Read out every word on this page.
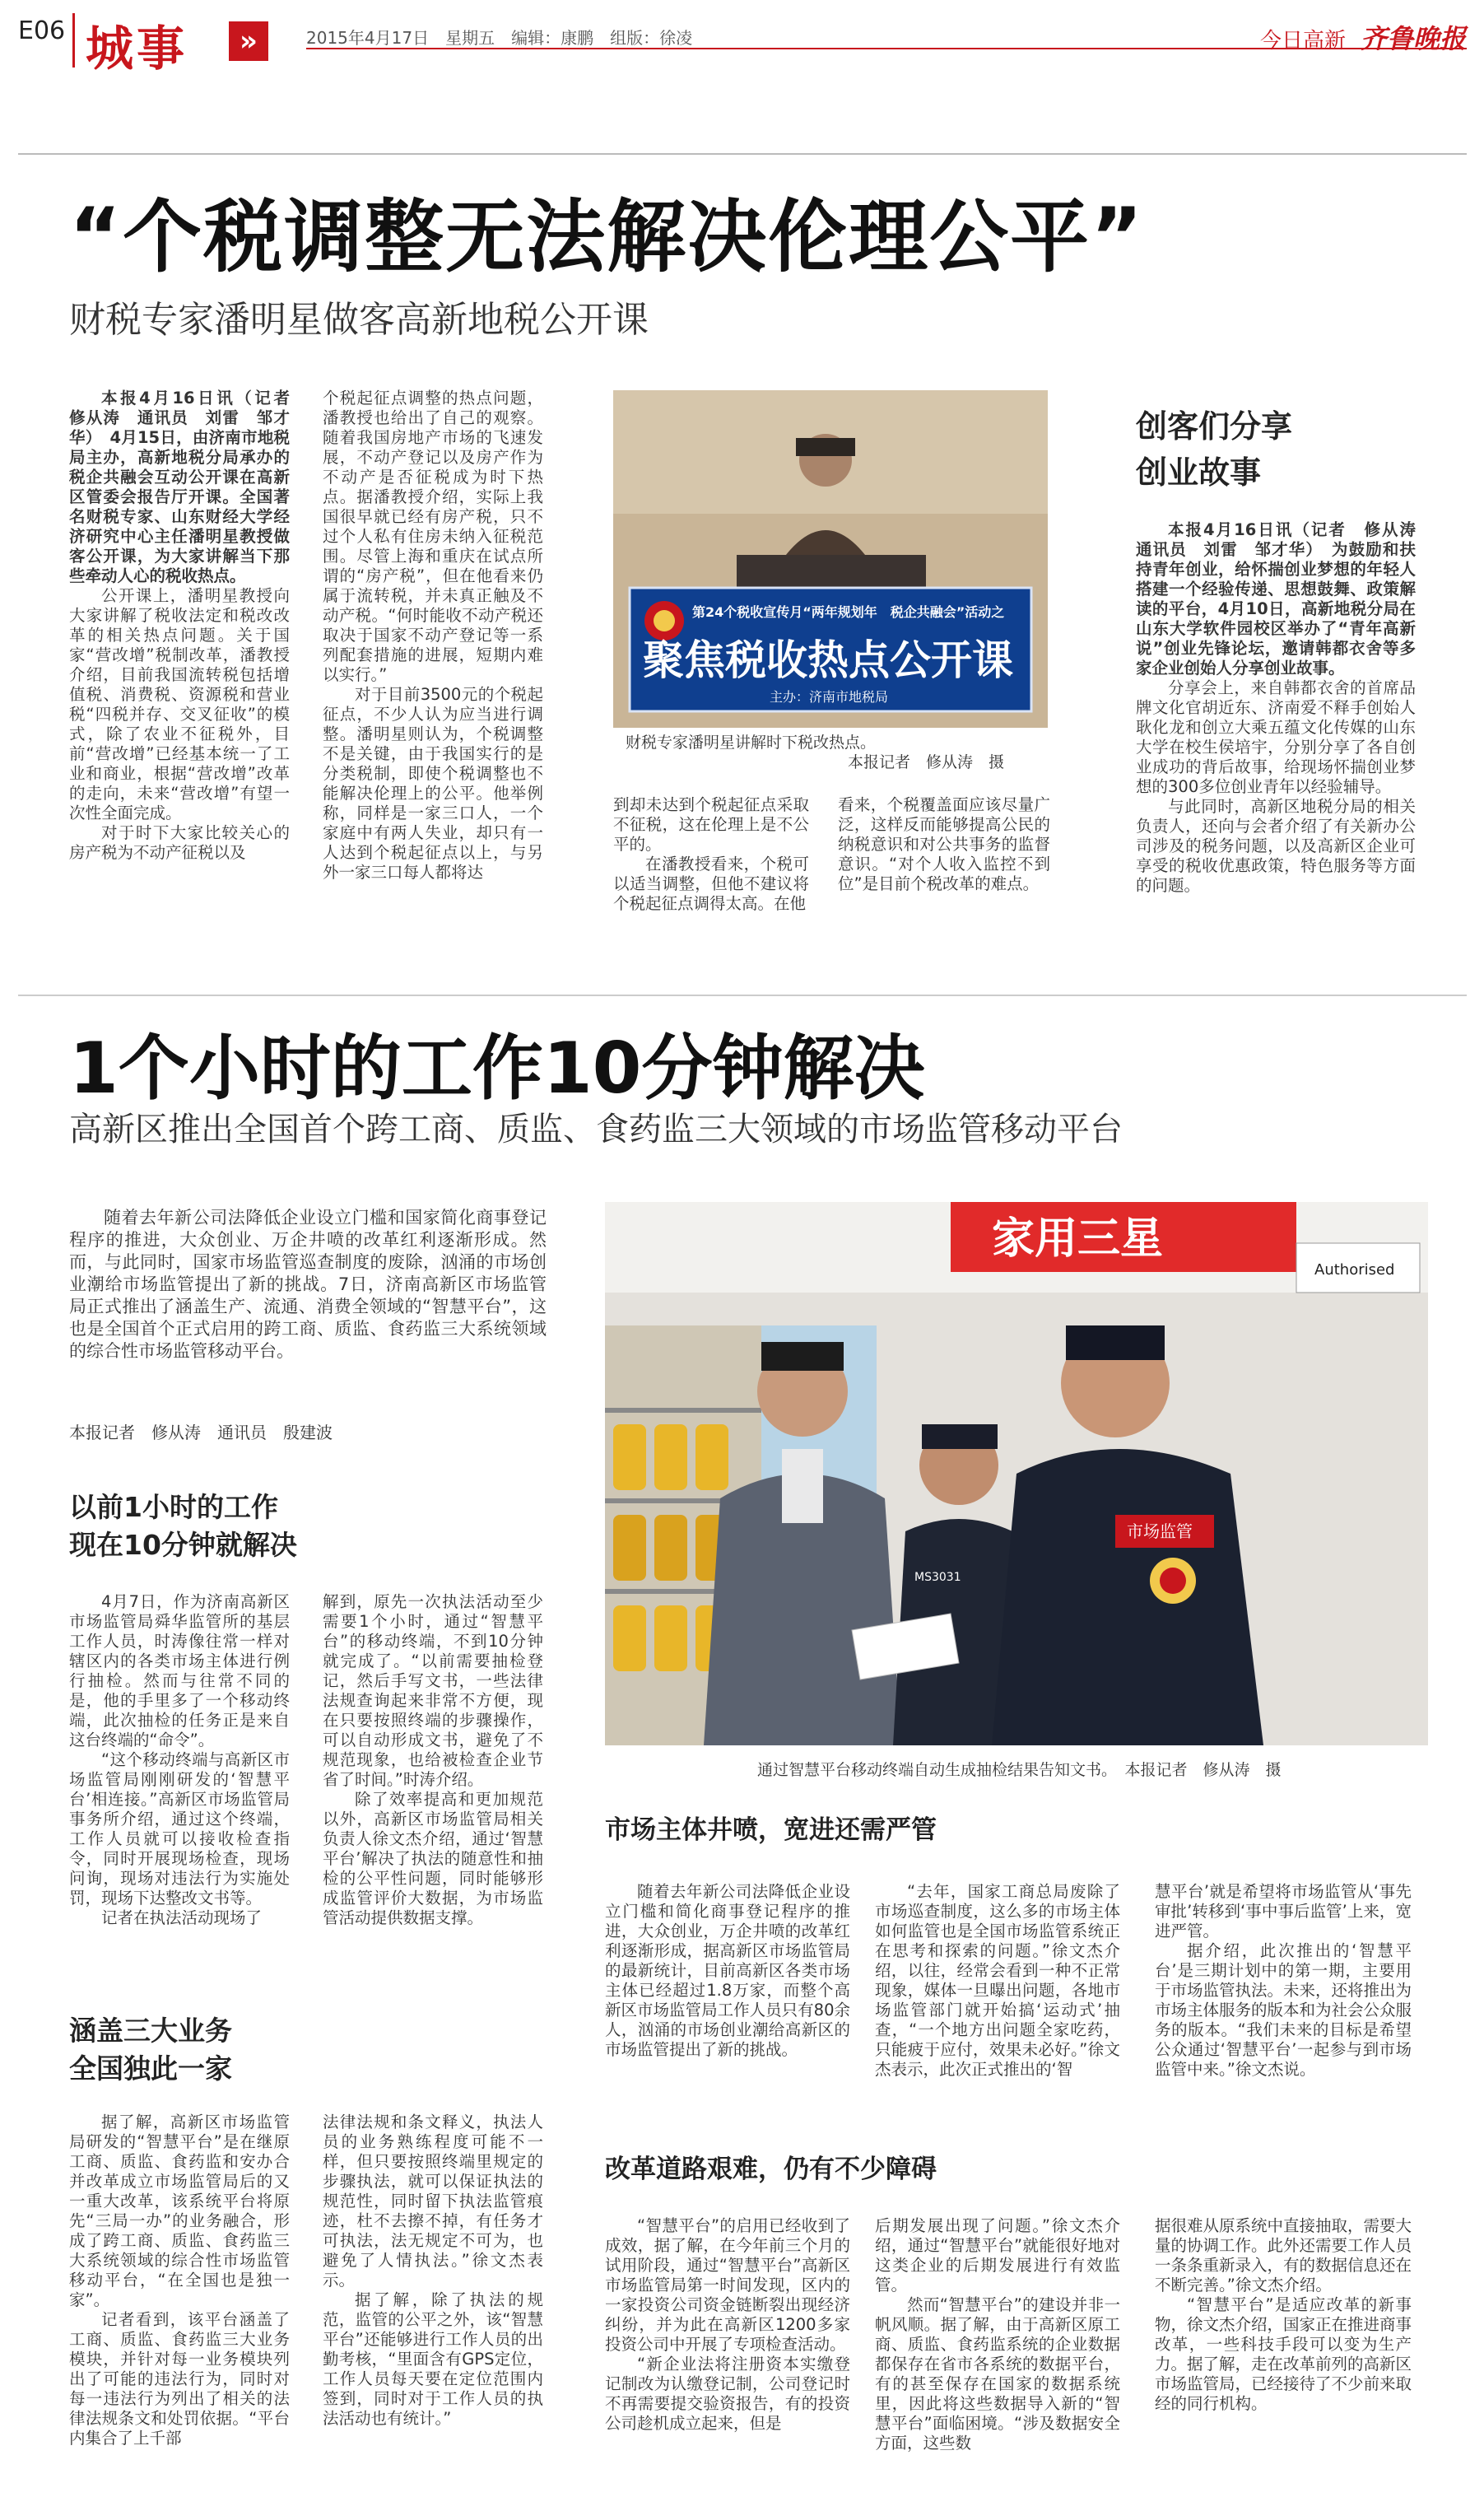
E06 城事	»	2015年4月17日　星期五　编辑：康鹏　组版：徐凌	今日高新 齐鲁晚报
“个税调整无法解决伦理公平”
财税专家潘明星做客高新地税公开课

本报4月16日讯（记者　修从涛　通讯员　刘雷　邹才华）　4月15日，由济南市地税局主办，高新地税分局承办的税企共融会互动公开课在高新区管委会报告厅开课。全国著名财税专家、山东财经大学经济研究中心主任潘明星教授做客公开课，为大家讲解当下那些牵动人心的税收热点。

公开课上，潘明星教授向大家讲解了税收法定和税改改革的相关热点问题。关于国家“营改增”税制改革，潘教授介绍，目前我国流转税包括增值税、消费税、资源税和营业税“四税并存、交叉征收”的模式，除了农业不征税外，目前“营改增”已经基本统一了工业和商业，根据“营改增”改革的走向，未来“营改增”有望一次性全面完成。

对于时下大家比较关心的房产税为不动产征税以及

个税起征点调整的热点问题，潘教授也给出了自己的观察。随着我国房地产市场的飞速发展，不动产登记以及房产作为不动产是否征税成为时下热点。据潘教授介绍，实际上我国很早就已经有房产税，只不过个人私有住房未纳入征税范围。尽管上海和重庆在试点所谓的“房产税”，但在他看来仍属于流转税，并未真正触及不动产税。“何时能收不动产税还取决于国家不动产登记等一系列配套措施的进展，短期内难以实行。”

对于目前3500元的个税起征点，不少人认为应当进行调整。潘明星则认为，个税调整不是关键，由于我国实行的是分类税制，即使个税调整也不能解决伦理上的公平。他举例称，同样是一家三口人，一个家庭中有两人失业，却只有一人达到个税起征点以上，与另外一家三口每人都将达

第24个税收宣传月“两年规划年　税企共融会”活动之
聚焦税收热点公开课
主办：济南市地税局
财税专家潘明星讲解时下税改热点。
本报记者　修从涛　摄

到却未达到个税起征点采取不征税，这在伦理上是不公平的。

在潘教授看来，个税可以适当调整，但他不建议将个税起征点调得太高。在他

看来，个税覆盖面应该尽量广泛，这样反而能够提高公民的纳税意识和对公共事务的监督意识。“对个人收入监控不到位”是目前个税改革的难点。

创客们分享
创业故事

本报4月16日讯（记者　修从涛　通讯员　刘雷　邹才华）　为鼓励和扶持青年创业，给怀揣创业梦想的年轻人搭建一个经验传递、思想鼓舞、政策解读的平台，4月10日，高新地税分局在山东大学软件园校区举办了“青年高新说”创业先锋论坛，邀请韩都衣舍等多家企业创始人分享创业故事。

分享会上，来自韩都衣舍的首席品牌文化官胡近东、济南爱不释手创始人耿化龙和创立大乘五蕴文化传媒的山东大学在校生侯培宇，分别分享了各自创业成功的背后故事，给现场怀揣创业梦想的300多位创业青年以经验辅导。

与此同时，高新区地税分局的相关负责人，还向与会者介绍了有关新办公司涉及的税务问题，以及高新区企业可享受的税收优惠政策，特色服务等方面的问题。

1个小时的工作10分钟解决
高新区推出全国首个跨工商、质监、食药监三大领域的市场监管移动平台

随着去年新公司法降低企业设立门槛和国家简化商事登记程序的推进，大众创业、万企井喷的改革红利逐渐形成。然而，与此同时，国家市场监管巡查制度的废除，汹涌的市场创业潮给市场监管提出了新的挑战。7日，济南高新区市场监管局正式推出了涵盖生产、流通、消费全领域的“智慧平台”，这也是全国首个正式启用的跨工商、质监、食药监三大系统领域的综合性市场监管移动平台。

本报记者　修从涛　通讯员　殷建波
以前1小时的工作
现在10分钟就解决

4月7日，作为济南高新区市场监管局舜华监管所的基层工作人员，时涛像往常一样对辖区内的各类市场主体进行例行抽检。然而与往常不同的是，他的手里多了一个移动终端，此次抽检的任务正是来自这台终端的“命令”。

“这个移动终端与高新区市场监管局刚刚研发的‘智慧平台’相连接。”高新区市场监管局事务所介绍，通过这个终端，工作人员就可以接收检查指令，同时开展现场检查，现场问询，现场对违法行为实施处罚，现场下达整改文书等。

记者在执法活动现场了

解到，原先一次执法活动至少需要1个小时，通过“智慧平台”的移动终端，不到10分钟就完成了。“以前需要抽检登记，然后手写文书，一些法律法规查询起来非常不方便，现在只要按照终端的步骤操作，可以自动形成文书，避免了不规范现象，也给被检查企业节省了时间。”时涛介绍。

除了效率提高和更加规范以外，高新区市场监管局相关负责人徐文杰介绍，通过‘智慧平台’解决了执法的随意性和抽检的公平性问题，同时能够形成监管评价大数据，为市场监管活动提供数据支撑。

涵盖三大业务
全国独此一家

据了解，高新区市场监管局研发的“智慧平台”是在继原工商、质监、食药监和安办合并改革成立市场监管局后的又一重大改革，该系统平台将原先“三局一办”的业务融合，形成了跨工商、质监、食药监三大系统领域的综合性市场监管移动平台，“在全国也是独一家”。

记者看到，该平台涵盖了工商、质监、食药监三大业务模块，并针对每一业务模块列出了可能的违法行为，同时对每一违法行为列出了相关的法律法规条文和处罚依据。“平台内集合了上千部

法律法规和条文释义，执法人员的业务熟练程度可能不一样，但只要按照终端里规定的步骤执法，就可以保证执法的规范性，同时留下执法监管痕迹，杜不去擦不掉，有任务才可执法，法无规定不可为，也避免了人情执法。”徐文杰表示。

据了解，除了执法的规范，监管的公平之外，该“智慧平台”还能够进行工作人员的出勤考核，“里面含有GPS定位，工作人员每天要在定位范围内签到，同时对于工作人员的执法活动也有统计。”

家用三星
Authorised
MS3031
市场监管
通过智慧平台移动终端自动生成抽检结果告知文书。　本报记者　修从涛　摄
市场主体井喷，宽进还需严管

随着去年新公司法降低企业设立门槛和简化商事登记程序的推进，大众创业，万企井喷的改革红利逐渐形成，据高新区市场监管局的最新统计，目前高新区各类市场主体已经超过1.8万家，而整个高新区市场监管局工作人员只有80余人，汹涌的市场创业潮给高新区的市场监管提出了新的挑战。

“去年，国家工商总局废除了市场巡查制度，这么多的市场主体如何监管也是全国市场监管系统正在思考和探索的问题。”徐文杰介绍，以往，经常会看到一种不正常现象，媒体一旦曝出问题，各地市场监管部门就开始搞‘运动式’抽查，“一个地方出问题全家吃药，只能疲于应付，效果未必好。”徐文杰表示，此次正式推出的‘智

慧平台’就是希望将市场监管从‘事先审批’转移到‘事中事后监管’上来，宽进严管。

据介绍，此次推出的‘智慧平台’是三期计划中的第一期，主要用于市场监管执法。未来，还将推出为市场主体服务的版本和为社会公众服务的版本。“我们未来的目标是希望公众通过‘智慧平台’一起参与到市场监管中来。”徐文杰说。

改革道路艰难，仍有不少障碍

“智慧平台”的启用已经收到了成效，据了解，在今年前三个月的试用阶段，通过“智慧平台”高新区市场监管局第一时间发现，区内的一家投资公司资金链断裂出现经济纠纷，并为此在高新区1200多家投资公司中开展了专项检查活动。

“新企业法将注册资本实缴登记制改为认缴登记制，公司登记时不再需要提交验资报告，有的投资公司趁机成立起来，但是

后期发展出现了问题。”徐文杰介绍，通过“智慧平台”就能很好地对这类企业的后期发展进行有效监管。

然而“智慧平台”的建设并非一帆风顺。据了解，由于高新区原工商、质监、食药监系统的企业数据都保存在省市各系统的数据平台，有的甚至保存在国家的数据系统里，因此将这些数据导入新的“智慧平台”面临困境。“涉及数据安全方面，这些数

据很难从原系统中直接抽取，需要大量的协调工作。此外还需要工作人员一条条重新录入，有的数据信息还在不断完善。”徐文杰介绍。

“智慧平台”是适应改革的新事物，徐文杰介绍，国家正在推进商事改革，一些科技手段可以变为生产力。据了解，走在改革前列的高新区市场监管局，已经接待了不少前来取经的同行机构。
